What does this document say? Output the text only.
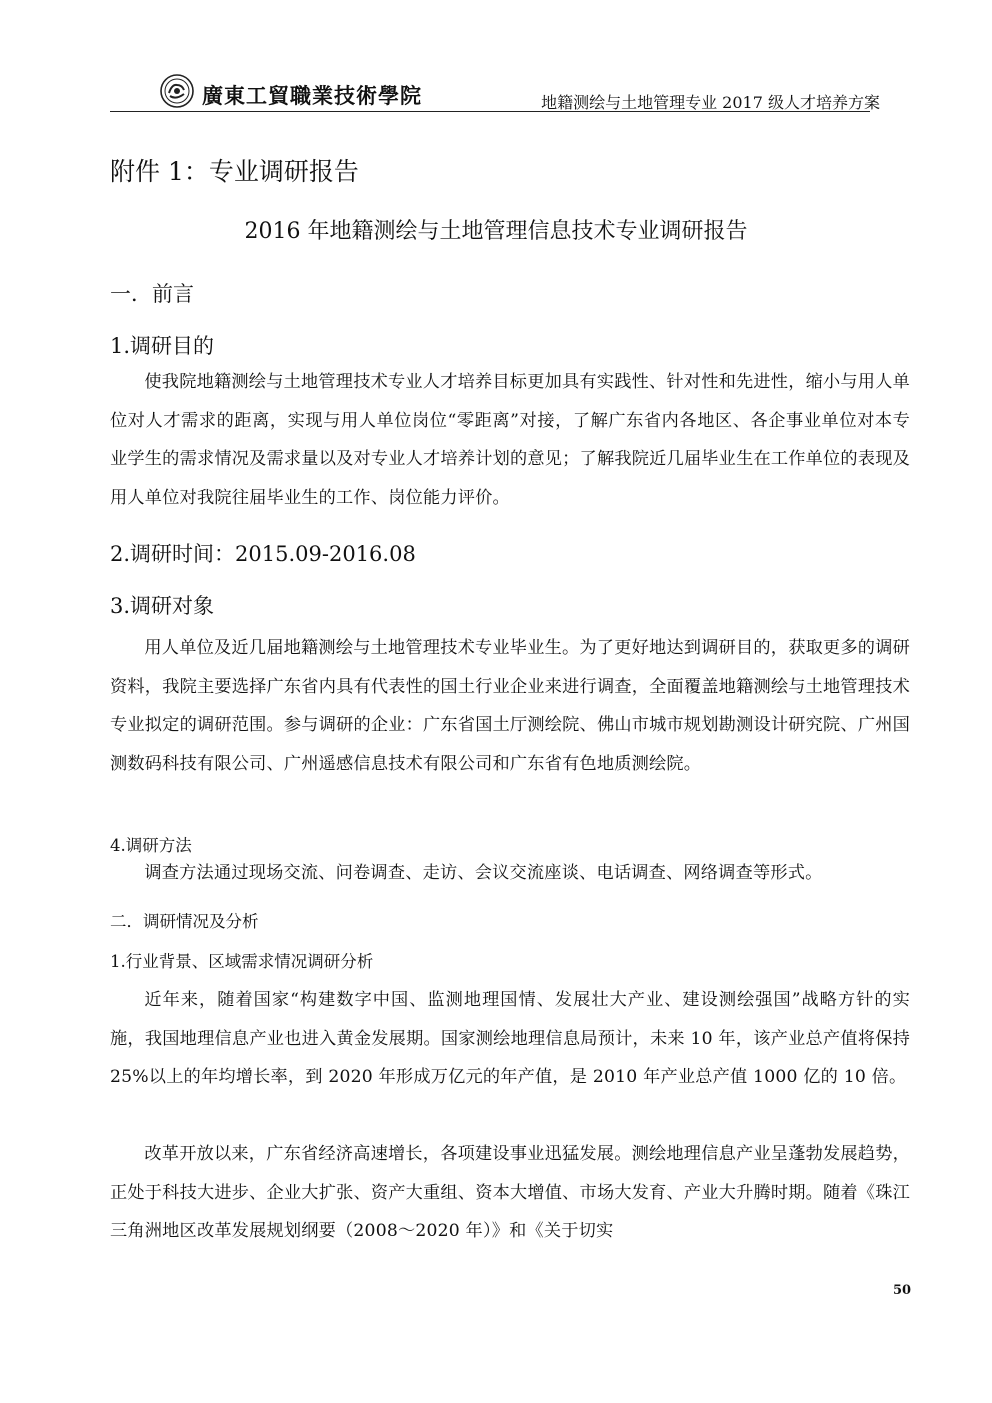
廣東工貿職業技術學院	地籍测绘与土地管理专业 2017 级人才培养方案
附件 1：专业调研报告
2016 年地籍测绘与土地管理信息技术专业调研报告
一．前言
1.调研目的

使我院地籍测绘与土地管理技术专业人才培养目标更加具有实践性、针对性和先进性，缩小与用人单位对人才需求的距离，实现与用人单位岗位“零距离”对接，了解广东省内各地区、各企事业单位对本专业学生的需求情况及需求量以及对专业人才培养计划的意见；了解我院近几届毕业生在工作单位的表现及用人单位对我院往届毕业生的工作、岗位能力评价。

2.调研时间：2015.09-2016.08
3.调研对象

用人单位及近几届地籍测绘与土地管理技术专业毕业生。为了更好地达到调研目的，获取更多的调研资料，我院主要选择广东省内具有代表性的国土行业企业来进行调查，全面覆盖地籍测绘与土地管理技术专业拟定的调研范围。参与调研的企业：广东省国土厅测绘院、佛山市城市规划勘测设计研究院、广州国测数码科技有限公司、广州遥感信息技术有限公司和广东省有色地质测绘院。

4.调研方法

调查方法通过现场交流、问卷调查、走访、会议交流座谈、电话调查、网络调查等形式。

二．调研情况及分析
1.行业背景、区域需求情况调研分析

近年来，随着国家“构建数字中国、监测地理国情、发展壮大产业、建设测绘强国”战略方针的实施，我国地理信息产业也进入黄金发展期。国家测绘地理信息局预计，未来 10 年，该产业总产值将保持 25%以上的年均增长率，到 2020 年形成万亿元的年产值，是 2010 年产业总产值 1000 亿的 10 倍。

改革开放以来，广东省经济高速增长，各项建设事业迅猛发展。测绘地理信息产业呈蓬勃发展趋势，正处于科技大进步、企业大扩张、资产大重组、资本大增值、市场大发育、产业大升腾时期。随着《珠江三角洲地区改革发展规划纲要（2008～2020 年）》和《关于切实

50
